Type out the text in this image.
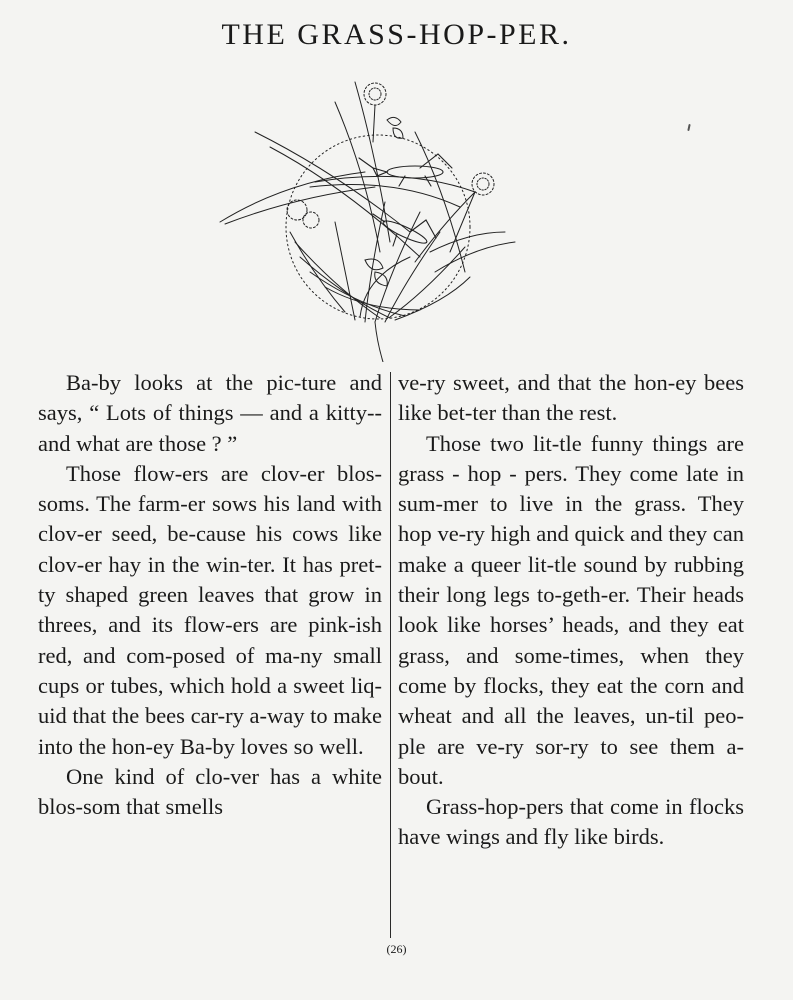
THE GRASS-HOP-PER.

Ba-by looks at the pic-ture and says, “ Lots of things — and a kitty-- and what are those ? ”

Those flow-ers are clov-er blos-soms. The farm-er sows his land with clov-er seed, be-cause his cows like clov-er hay in the win-ter. It has pret-ty shaped green leaves that grow in threes, and its flow-ers are pink-ish red, and com-posed of ma-ny small cups or tubes, which hold a sweet liq-uid that the bees car-ry a-way to make into the hon-ey Ba-by loves so well.

One kind of clo-ver has a white blos-som that smells

ve-ry sweet, and that the hon-ey bees like bet-ter than the rest.

Those two lit-tle funny things are grass - hop - pers. They come late in sum-mer to live in the grass. They hop ve-ry high and quick and they can make a queer lit-tle sound by rubbing their long legs to-geth-er. Their heads look like horses’ heads, and they eat grass, and some-times, when they come by flocks, they eat the corn and wheat and all the leaves, un-til peo-ple are ve-ry sor-ry to see them a-bout.

Grass-hop-pers that come in flocks have wings and fly like birds.

(26)
